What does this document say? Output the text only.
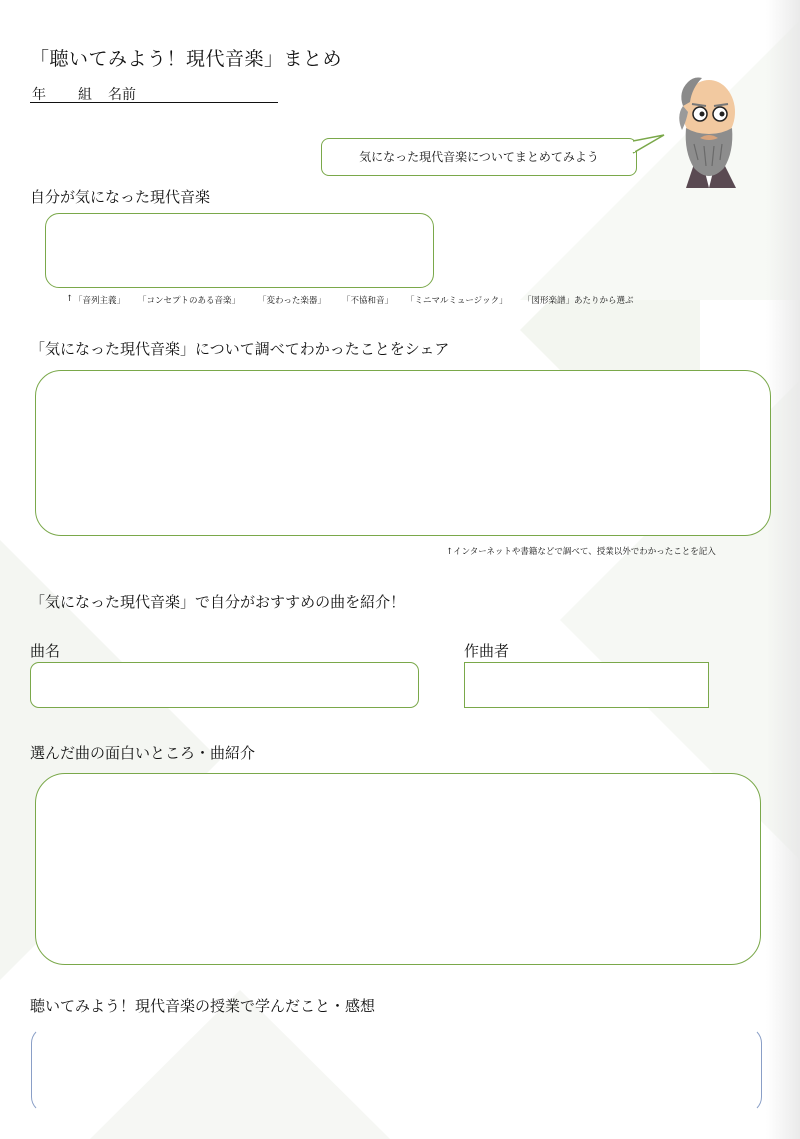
「聴いてみよう！現代音楽」まとめ
年 組 名前
気になった現代音楽についてまとめてみよう
自分が気になった現代音楽
↑ 「音列主義」 「コンセプトのある音楽」 「変わった楽器」 「不協和音」 「ミニマルミュージック」 「図形楽譜」あたりから選ぶ
「気になった現代音楽」について調べてわかったことをシェア
↑インターネットや書籍などで調べて、授業以外でわかったことを記入
「気になった現代音楽」で自分がおすすめの曲を紹介！
曲名	作曲者
選んだ曲の面白いところ・曲紹介
聴いてみよう！現代音楽の授業で学んだこと・感想
